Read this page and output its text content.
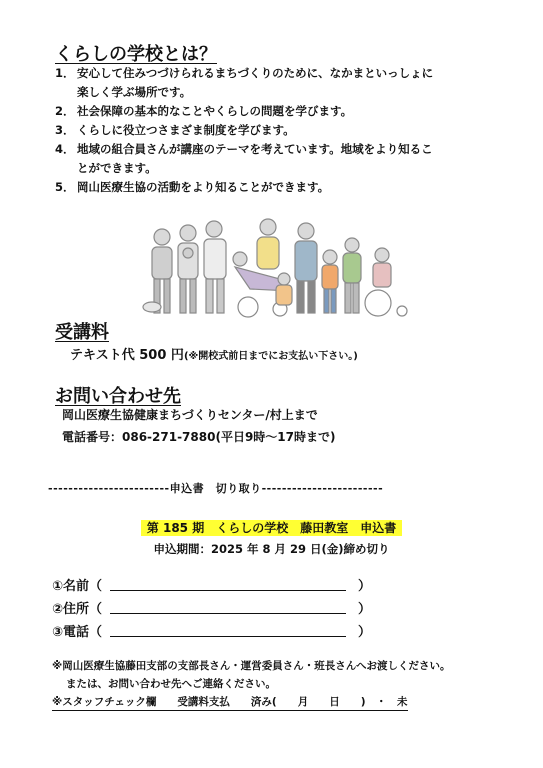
くらしの学校とは？
1． 安心して住みつづけられるまちづくりのために、なかまといっしょに
楽しく学ぶ場所です。
2． 社会保障の基本的なことやくらしの問題を学びます。
3． くらしに役立つさまざま制度を学びます。
4． 地域の組合員さんが講座のテーマを考えています。地域をより知るこ
とができます。
5． 岡山医療生協の活動をより知ることができます。
受講料
テキスト代 500 円(※開校式前日までにお支払い下さい。)
お問い合わせ先
岡山医療生協健康まちづくりセンター/村上まで
電話番号：086-271-7880(平日9時～17時まで)
------------------------申込書　切り取り------------------------
第 185 期　くらしの学校　藤田教室　申込書
申込期間：2025 年 8 月 29 日(金)締め切り
①名前（	）
②住所（	）
③電話（	）
※岡山医療生協藤田支部の支部長さん・運営委員さん・班長さんへお渡しください。
または、お問い合わせ先へご連絡ください。
※スタッフチェック欄　　受講料支払　　済み(　　月　　日　　)　・　未
